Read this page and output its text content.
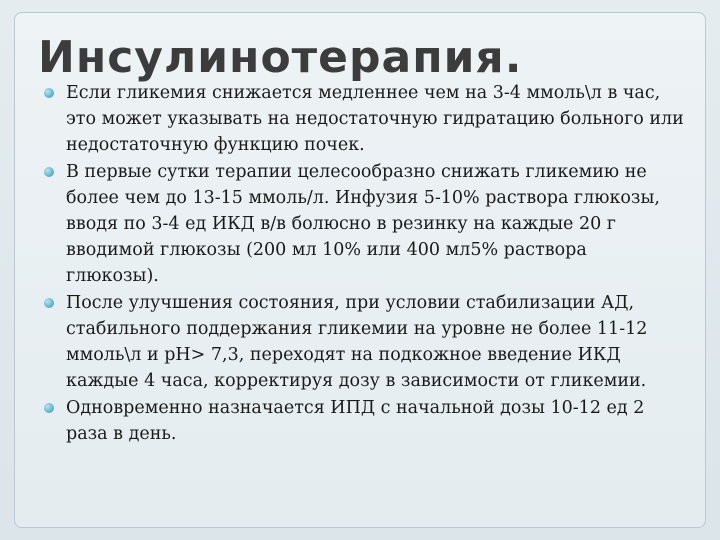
Инсулинотерапия.
Если гликемия снижается медленнее чем на 3-4 ммоль\л в час, это может указывать на недостаточную гидратацию больного или недостаточную функцию почек.
В первые сутки терапии целесообразно снижать гликемию не более чем до 13-15 ммоль/л. Инфузия 5-10% раствора глюкозы, вводя по 3-4 ед ИКД в/в болюсно в резинку на каждые 20 г вводимой глюкозы (200 мл 10% или 400 мл5% раствора глюкозы).
После улучшения состояния, при условии стабилизации АД, стабильного поддержания гликемии на уровне не более 11-12 ммоль\л и рН> 7,3, переходят на подкожное введение ИКД каждые 4 часа, корректируя дозу в зависимости от гликемии.
Одновременно назначается ИПД с начальной дозы 10-12 ед 2 раза в день.
